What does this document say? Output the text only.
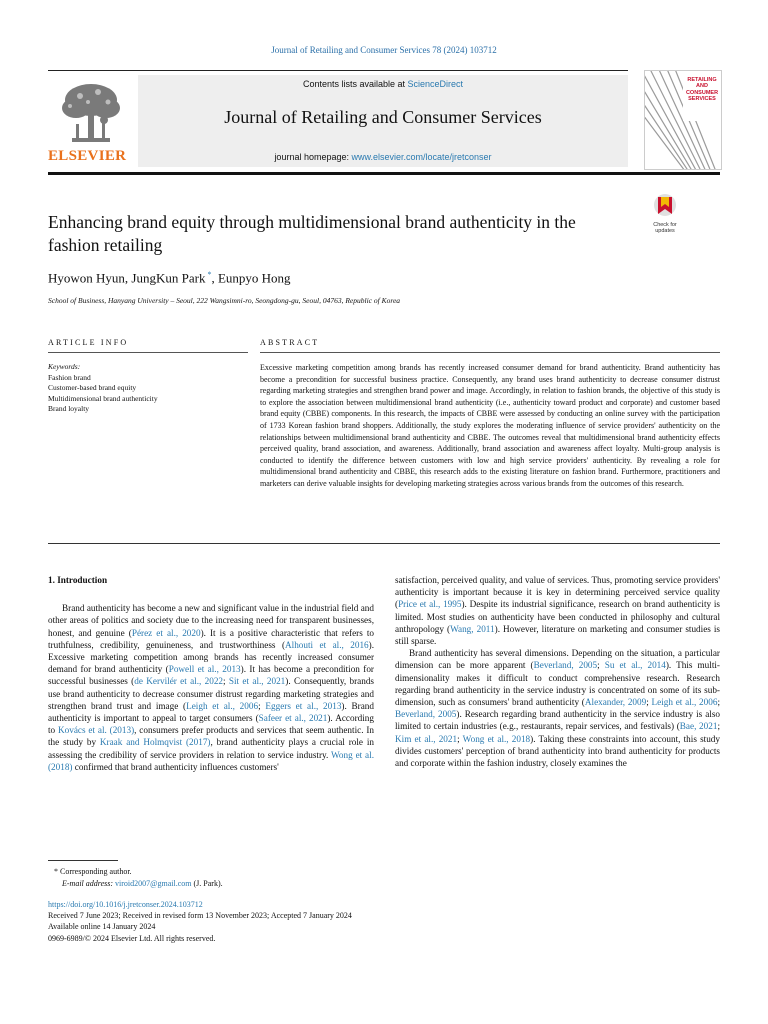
Journal of Retailing and Consumer Services 78 (2024) 103712
ELSEVIER
Contents lists available at ScienceDirect
Journal of Retailing and Consumer Services
journal homepage: www.elsevier.com/locate/jretconser
RETAILING
AND
CONSUMER
SERVICES
Enhancing brand equity through multidimensional brand authenticity in the fashion retailing
Check for
updates
Hyowon Hyun, JungKun Park *, Eunpyo Hong
School of Business, Hanyang University – Seoul, 222 Wangsimni-ro, Seongdong-gu, Seoul, 04763, Republic of Korea
ARTICLE INFO
Keywords:
Fashion brand
Customer-based brand equity
Multidimensional brand authenticity
Brand loyalty
ABSTRACT
Excessive marketing competition among brands has recently increased consumer demand for brand authenticity. Brand authenticity has become a precondition for successful business practice. Consequently, any brand uses brand authenticity to decrease consumer distrust regarding marketing strategies and strengthen brand power and image. Accordingly, in relation to fashion brands, the objective of this study is to explore the association between multidimensional brand authenticity (i.e., authenticity toward product and corporate) and customer based brand equity (CBBE) components. In this research, the impacts of CBBE were assessed by conducting an online survey with the participation of 1733 Korean fashion brand shoppers. Additionally, the study explores the moderating influence of service providers' authenticity on the relationships between multidimensional brand authenticity and CBBE. The outcomes reveal that multidimensional brand authenticity effects perceived quality, brand association, and awareness. Additionally, brand association and awareness affect loyalty. Multi-group analysis is conducted to identify the difference between customers with low and high service providers' authenticity. By revealing a role for multidimensional brand authenticity and CBBE, this research adds to the existing literature on fashion brand. Furthermore, practitioners and marketers can derive valuable insights for developing marketing strategies across various brands from the outcomes of this research.

1. Introduction

Brand authenticity has become a new and significant value in the industrial field and other areas of politics and society due to the increasing need for transparent businesses, honest, and genuine (Pérez et al., 2020). It is a positive characteristic that refers to truthfulness, credibility, genuineness, and trustworthiness (Alhouti et al., 2016). Excessive marketing competition among brands has recently increased consumer demand for brand authenticity (Powell et al., 2013). It has become a precondition for successful businesses (de Kervilér et al., 2022; Sit et al., 2021). Consequently, brands use brand authenticity to decrease consumer distrust regarding marketing strategies and strengthen brand trust and image (Leigh et al., 2006; Eggers et al., 2013). Brand authenticity is important to appeal to target consumers (Safeer et al., 2021). According to Kovács et al. (2013), consumers prefer products and services that seem authentic. In the study by Kraak and Holmqvist (2017), brand authenticity plays a crucial role in assessing the credibility of service providers in relation to service industry. Wong et al. (2018) confirmed that brand authenticity influences customers'

satisfaction, perceived quality, and value of services. Thus, promoting service providers' authenticity is important because it is key in determining perceived service quality (Price et al., 1995). Despite its industrial significance, research on brand authenticity is limited. Most studies on authenticity have been conducted in philosophy and cultural anthropology (Wang, 2011). However, literature on marketing and consumer studies is still sparse.

Brand authenticity has several dimensions. Depending on the situation, a particular dimension can be more apparent (Beverland, 2005; Su et al., 2014). This multi-dimensionality makes it difficult to conduct comprehensive research. Research regarding brand authenticity in the service industry is concentrated on some of its sub-dimension, such as consumers' brand authenticity (Alexander, 2009; Leigh et al., 2006; Beverland, 2005). Research regarding brand authenticity in the service industry is also limited to certain industries (e.g., restaurants, repair services, and festivals) (Bae, 2021; Kim et al., 2021; Wong et al., 2018). Taking these constraints into account, this study divides customers' perception of brand authenticity into brand authenticity for products and corporate within the fashion industry, closely examines the

* Corresponding author.
E-mail address: viroid2007@gmail.com (J. Park).
https://doi.org/10.1016/j.jretconser.2024.103712
Received 7 June 2023; Received in revised form 13 November 2023; Accepted 7 January 2024
Available online 14 January 2024
0969-6989/© 2024 Elsevier Ltd. All rights reserved.
